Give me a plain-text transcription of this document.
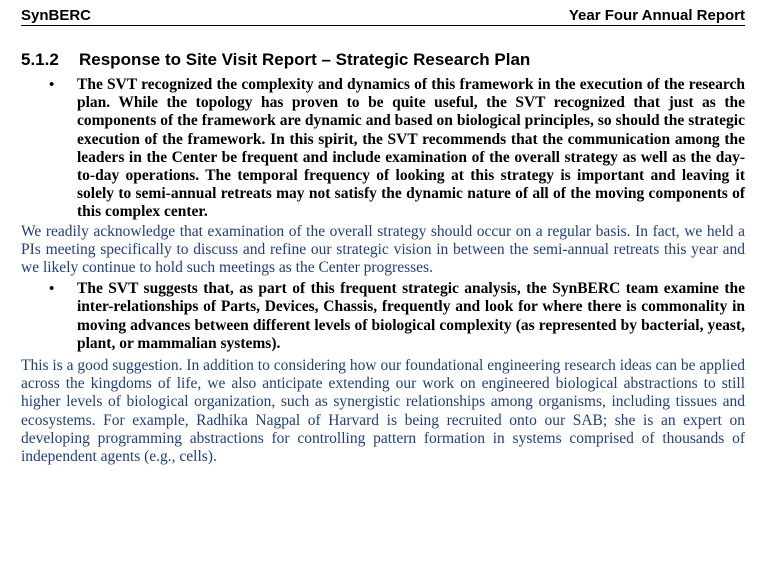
SynBERC	Year Four Annual Report
5.1.2	Response to Site Visit Report – Strategic Research Plan
•	The SVT recognized the complexity and dynamics of this framework in the execution of the research plan. While the topology has proven to be quite useful, the SVT recognized that just as the components of the framework are dynamic and based on biological principles, so should the strategic execution of the framework. In this spirit, the SVT recommends that the communication among the leaders in the Center be frequent and include examination of the overall strategy as well as the day-to-day operations. The temporal frequency of looking at this strategy is important and leaving it solely to semi-annual retreats may not satisfy the dynamic nature of all of the moving components of this complex center.

We readily acknowledge that examination of the overall strategy should occur on a regular basis. In fact, we held a PIs meeting specifically to discuss and refine our strategic vision in between the semi-annual retreats this year and we likely continue to hold such meetings as the Center progresses.

•	The SVT suggests that, as part of this frequent strategic analysis, the SynBERC team examine the inter-relationships of Parts, Devices, Chassis, frequently and look for where there is commonality in moving advances between different levels of biological complexity (as represented by bacterial, yeast, plant, or mammalian systems).

This is a good suggestion. In addition to considering how our foundational engineering research ideas can be applied across the kingdoms of life, we also anticipate extending our work on engineered biological abstractions to still higher levels of biological organization, such as synergistic relationships among organisms, including tissues and ecosystems. For example, Radhika Nagpal of Harvard is being recruited onto our SAB; she is an expert on developing programming abstractions for controlling pattern formation in systems comprised of thousands of independent agents (e.g., cells).
